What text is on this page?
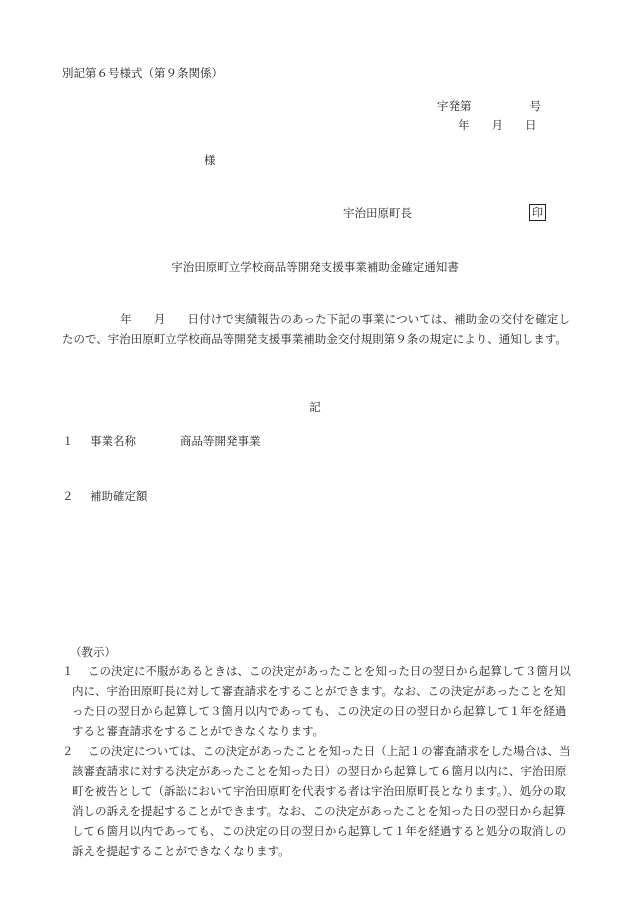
別記第６号様式（第９条関係）
宇発第	号
年 月 日
様
宇治田原町長	印
宇治田原町立学校商品等開発支援事業補助金確定通知書
年 月 日付けで実績報告のあった下記の事業については、補助金の交付を確定したので、宇治田原町立学校商品等開発支援事業補助金交付規則第９条の規定により、通知します。
記
１ 事業名称	商品等開発事業
２ 補助確定額
（教示）

１ この決定に不服があるときは、この決定があったことを知った日の翌日から起算して３箇月以内に、宇治田原町長に対して審査請求をすることができます。なお、この決定があったことを知った日の翌日から起算して３箇月以内であっても、この決定の日の翌日から起算して１年を経過すると審査請求をすることができなくなります。

２ この決定については、この決定があったことを知った日（上記１の審査請求をした場合は、当該審査請求に対する決定があったことを知った日）の翌日から起算して６箇月以内に、宇治田原町を被告として（訴訟において宇治田原町を代表する者は宇治田原町長となります。）、処分の取消しの訴えを提起することができます。なお、この決定があったことを知った日の翌日から起算して６箇月以内であっても、この決定の日の翌日から起算して１年を経過すると処分の取消しの訴えを提起することができなくなります。
